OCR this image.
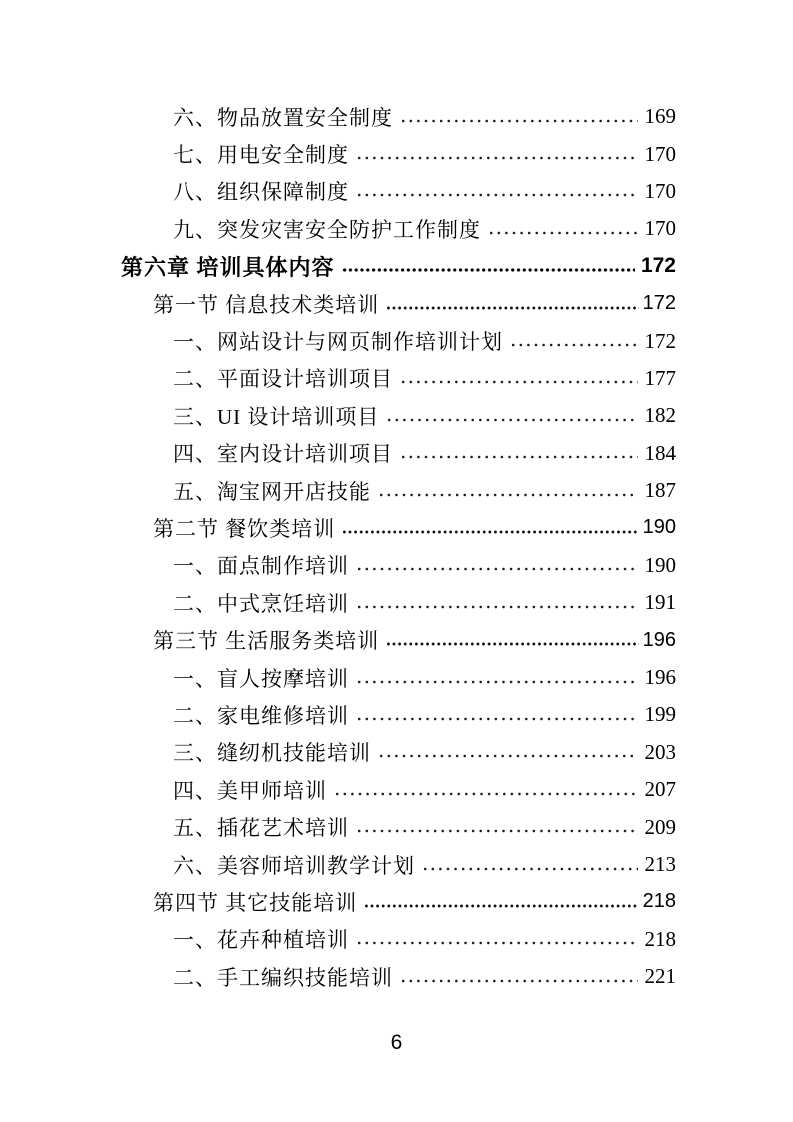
六、物品放置安全制度	169
七、用电安全制度	170
八、组织保障制度	170
九、突发灾害安全防护工作制度	170
第六章 培训具体内容	172
第一节 信息技术类培训	172
一、网站设计与网页制作培训计划	172
二、平面设计培训项目	177
三、UI 设计培训项目	182
四、室内设计培训项目	184
五、淘宝网开店技能	187
第二节 餐饮类培训	190
一、面点制作培训	190
二、中式烹饪培训	191
第三节 生活服务类培训	196
一、盲人按摩培训	196
二、家电维修培训	199
三、缝纫机技能培训	203
四、美甲师培训	207
五、插花艺术培训	209
六、美容师培训教学计划	213
第四节 其它技能培训	218
一、花卉种植培训	218
二、手工编织技能培训	221
6
